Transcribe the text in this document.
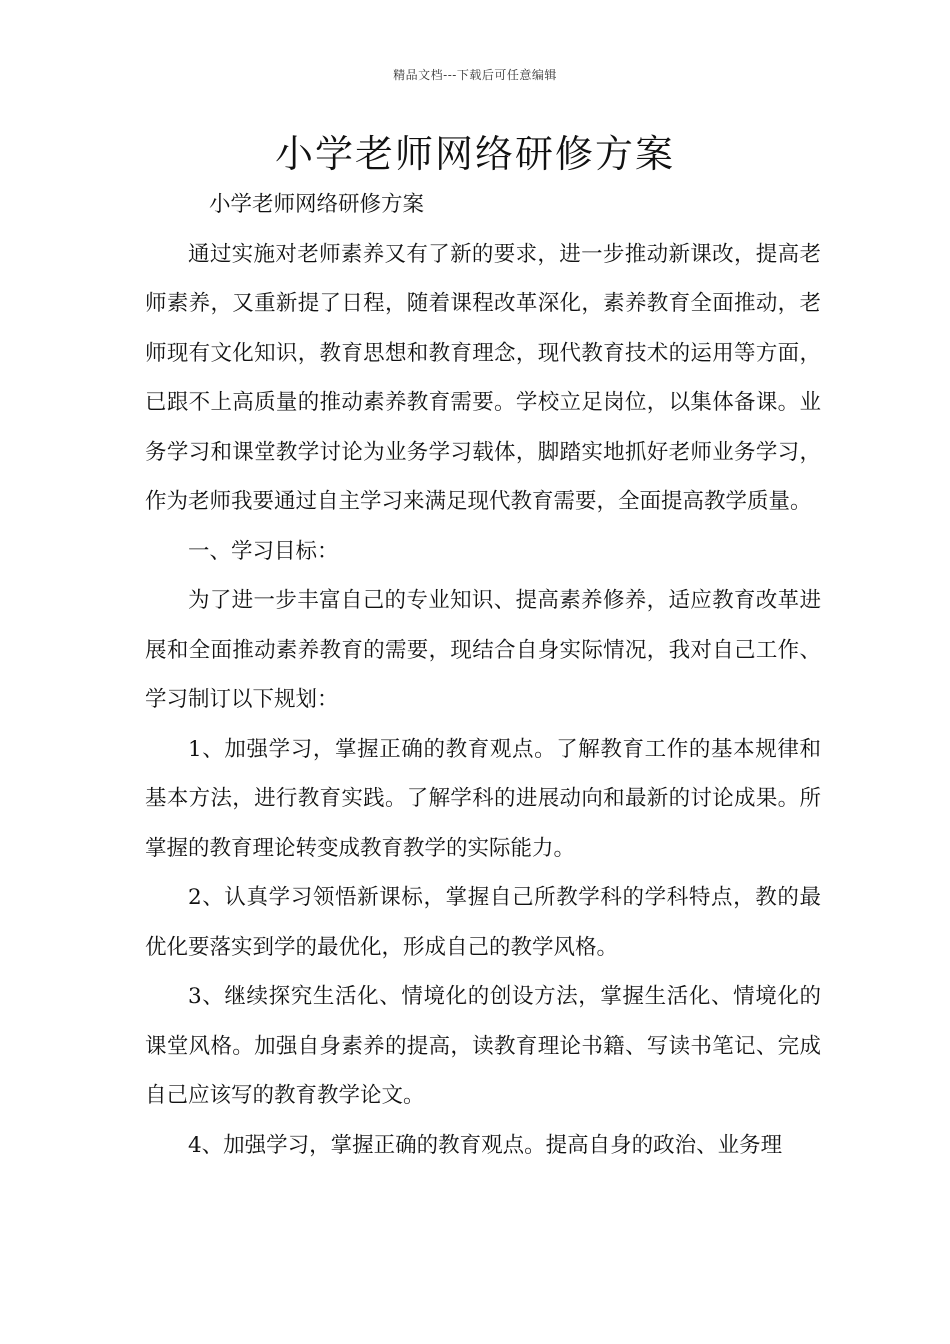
精品文档---下载后可任意编辑
小学老师网络研修方案

小学老师网络研修方案

通过实施对老师素养又有了新的要求，进一步推动新课改，提高老师素养，又重新提了日程，随着课程改革深化，素养教育全面推动，老师现有文化知识，教育思想和教育理念，现代教育技术的运用等方面，已跟不上高质量的推动素养教育需要。学校立足岗位，以集体备课。业务学习和课堂教学讨论为业务学习载体，脚踏实地抓好老师业务学习，作为老师我要通过自主学习来满足现代教育需要，全面提高教学质量。

一、学习目标：

为了进一步丰富自己的专业知识、提高素养修养，适应教育改革进展和全面推动素养教育的需要，现结合自身实际情况，我对自己工作、学习制订以下规划：

1、加强学习，掌握正确的教育观点。了解教育工作的基本规律和基本方法，进行教育实践。了解学科的进展动向和最新的讨论成果。所掌握的教育理论转变成教育教学的实际能力。

2、认真学习领悟新课标，掌握自己所教学科的学科特点，教的最优化要落实到学的最优化，形成自己的教学风格。

3、继续探究生活化、情境化的创设方法，掌握生活化、情境化的课堂风格。加强自身素养的提高，读教育理论书籍、写读书笔记、完成自己应该写的教育教学论文。

4、加强学习，掌握正确的教育观点。提高自身的政治、业务理
